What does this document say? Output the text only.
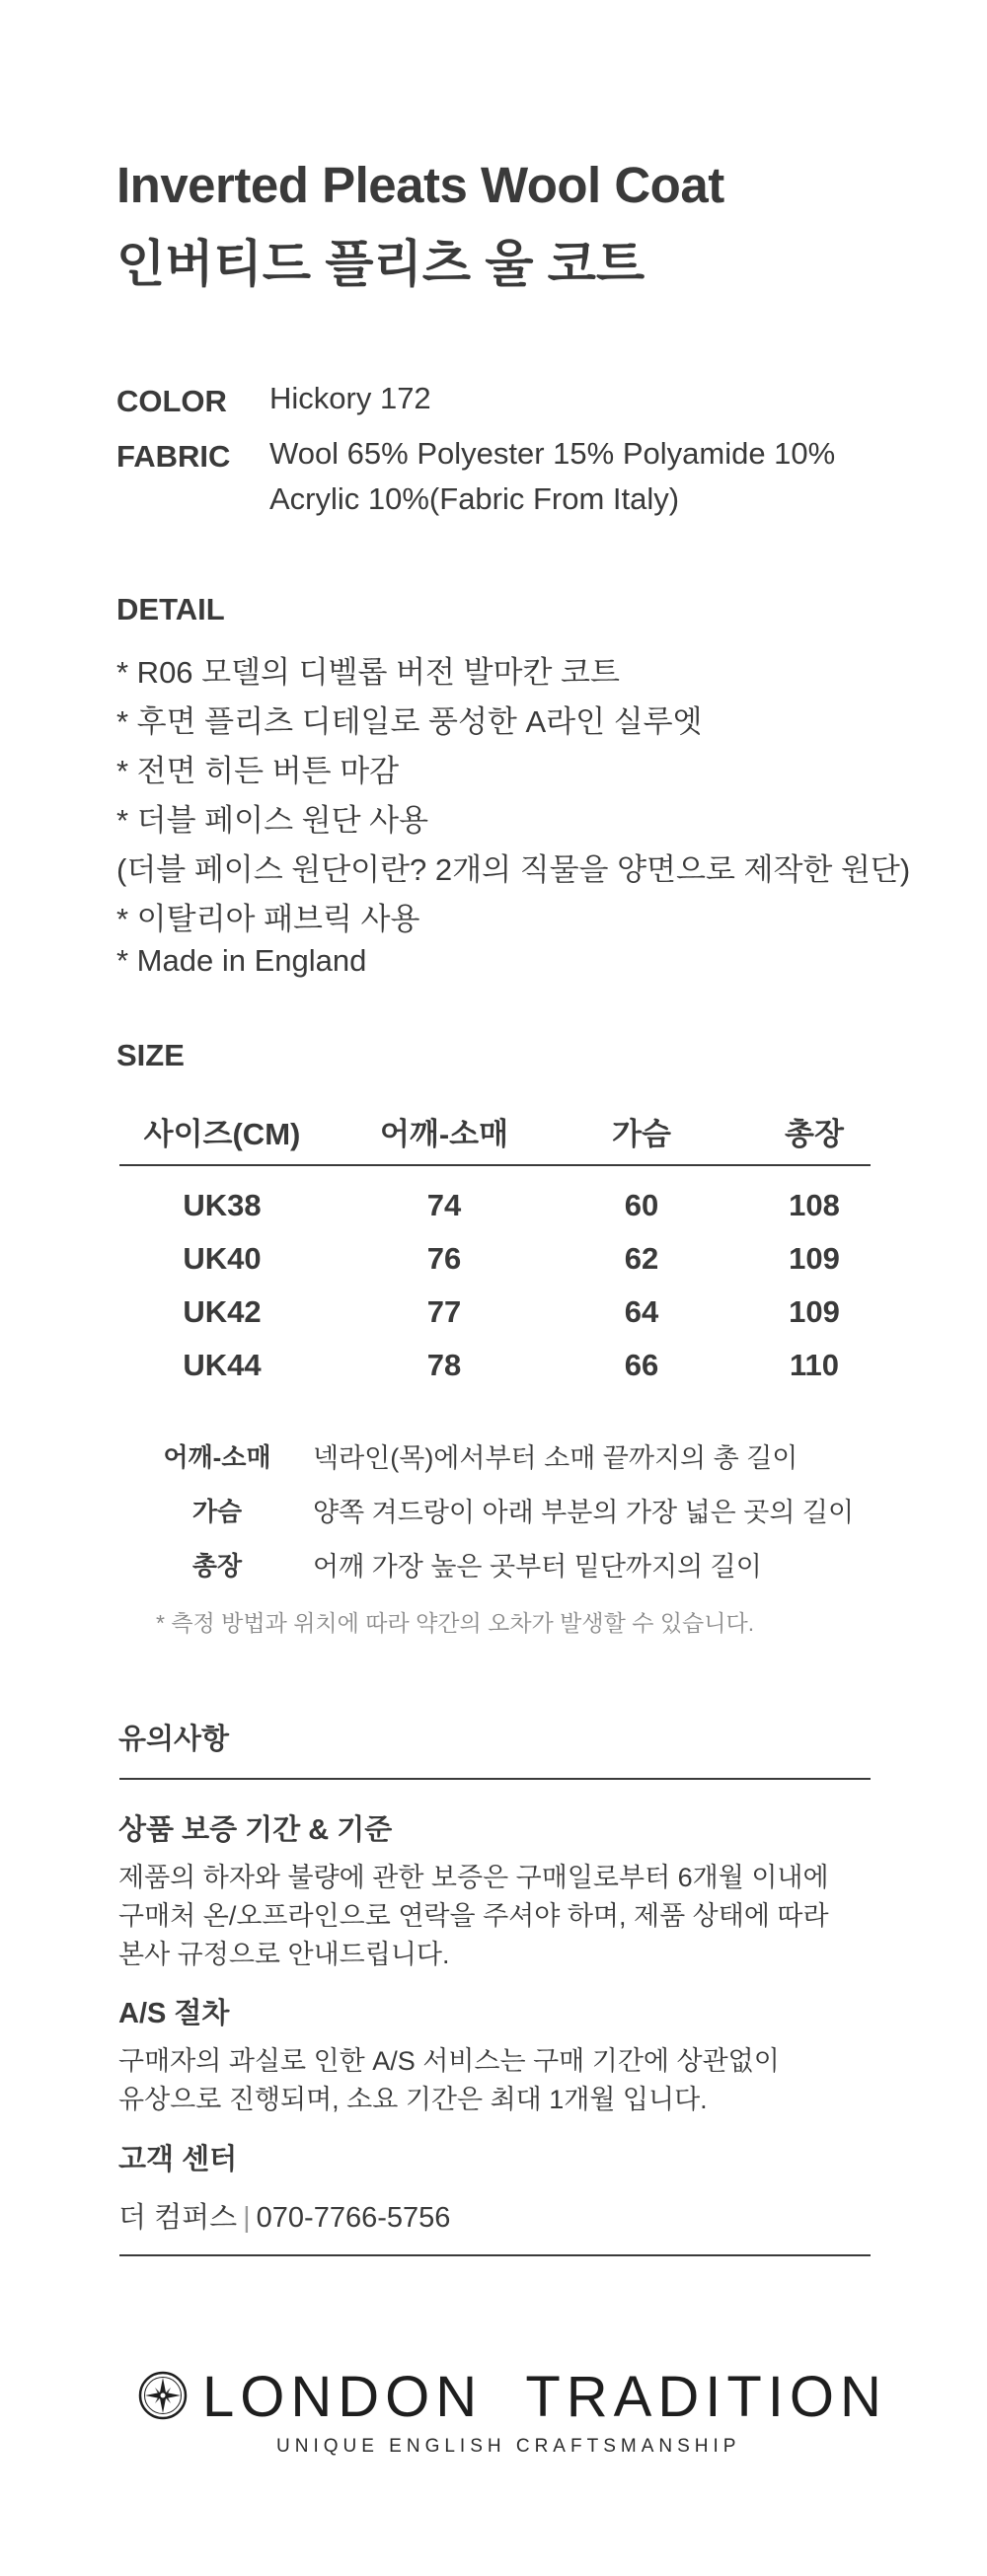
Inverted Pleats Wool Coat
인버티드 플리츠 울 코트
COLOR Hickory 172
FABRIC Wool 65% Polyester 15% Polyamide 10%
Acrylic 10%(Fabric From Italy)
DETAIL
* R06 모델의 디벨롭 버전 발마칸 코트
* 후면 플리츠 디테일로 풍성한 A라인 실루엣
* 전면 히든 버튼 마감
* 더블 페이스 원단 사용
(더블 페이스 원단이란? 2개의 직물을 양면으로 제작한 원단)
* 이탈리아 패브릭 사용
* Made in England
SIZE
사이즈(CM)	어깨-소매	가슴	총장
UK38	74	60	108
UK40	76	62	109
UK42	77	64	109
UK44	78	66	110
어깨-소매	넥라인(목)에서부터 소매 끝까지의 총 길이
가슴	양쪽 겨드랑이 아래 부분의 가장 넓은 곳의 길이
총장	어깨 가장 높은 곳부터 밑단까지의 길이
* 측정 방법과 위치에 따라 약간의 오차가 발생할 수 있습니다.
유의사항
상품 보증 기간 & 기준
제품의 하자와 불량에 관한 보증은 구매일로부터 6개월 이내에
구매처 온/오프라인으로 연락을 주셔야 하며, 제품 상태에 따라
본사 규정으로 안내드립니다.
A/S 절차
구매자의 과실로 인한 A/S 서비스는 구매 기간에 상관없이
유상으로 진행되며, 소요 기간은 최대 1개월 입니다.
고객 센터
더 컴퍼스 | 070-7766-5756
LONDON  TRADITION
UNIQUE ENGLISH CRAFTSMANSHIP
